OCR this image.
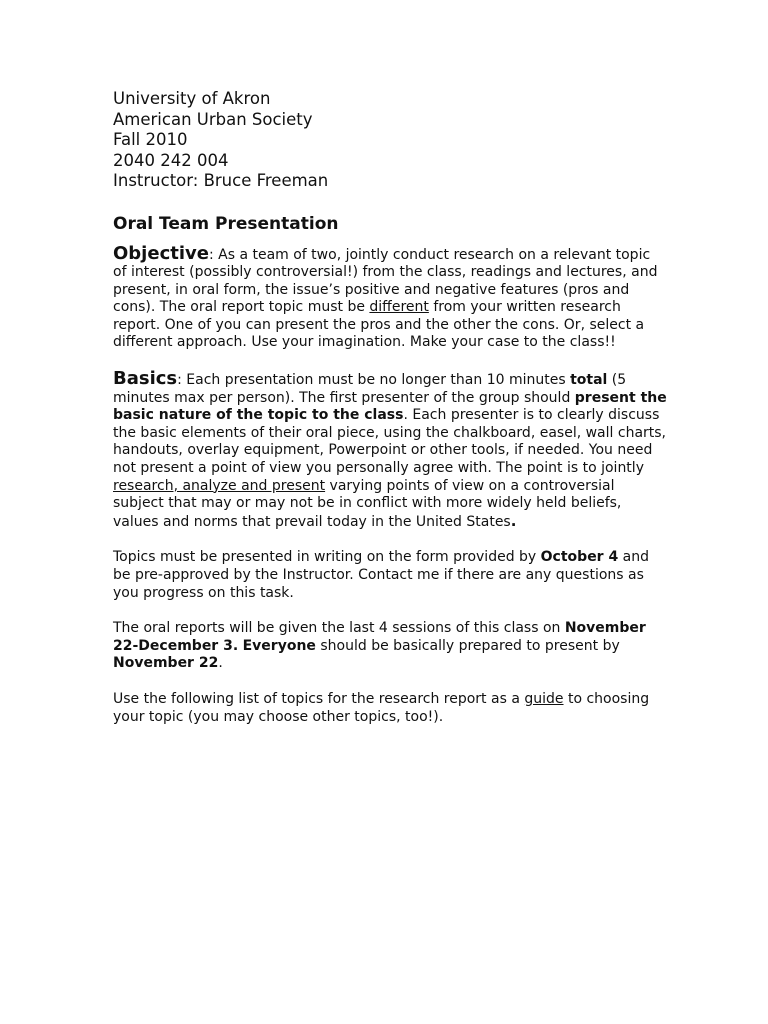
University of Akron

American Urban Society

Fall 2010

2040 242 004

Instructor: Bruce Freeman

Oral Team Presentation

Objective: As a team of two, jointly conduct research on a relevant topic of interest (possibly controversial!) from the class, readings and lectures, and present, in oral form, the issue’s positive and negative features (pros and cons). The oral report topic must be different from your written research report. One of you can present the pros and the other the cons. Or, select a different approach. Use your imagination. Make your case to the class!!

Basics: Each presentation must be no longer than 10 minutes total (5 minutes max per person). The first presenter of the group should present the basic nature of the topic to the class. Each presenter is to clearly discuss the basic elements of their oral piece, using the chalkboard, easel, wall charts, handouts, overlay equipment, Powerpoint or other tools, if needed. You need not present a point of view you personally agree with. The point is to jointly research, analyze and present varying points of view on a controversial subject that may or may not be in conflict with more widely held beliefs, values and norms that prevail today in the United States.

Topics must be presented in writing on the form provided by October 4 and be pre-approved by the Instructor. Contact me if there are any questions as you progress on this task.

The oral reports will be given the last 4 sessions of this class on November 22-December 3. Everyone should be basically prepared to present by November 22.

Use the following list of topics for the research report as a guide to choosing your topic (you may choose other topics, too!).
